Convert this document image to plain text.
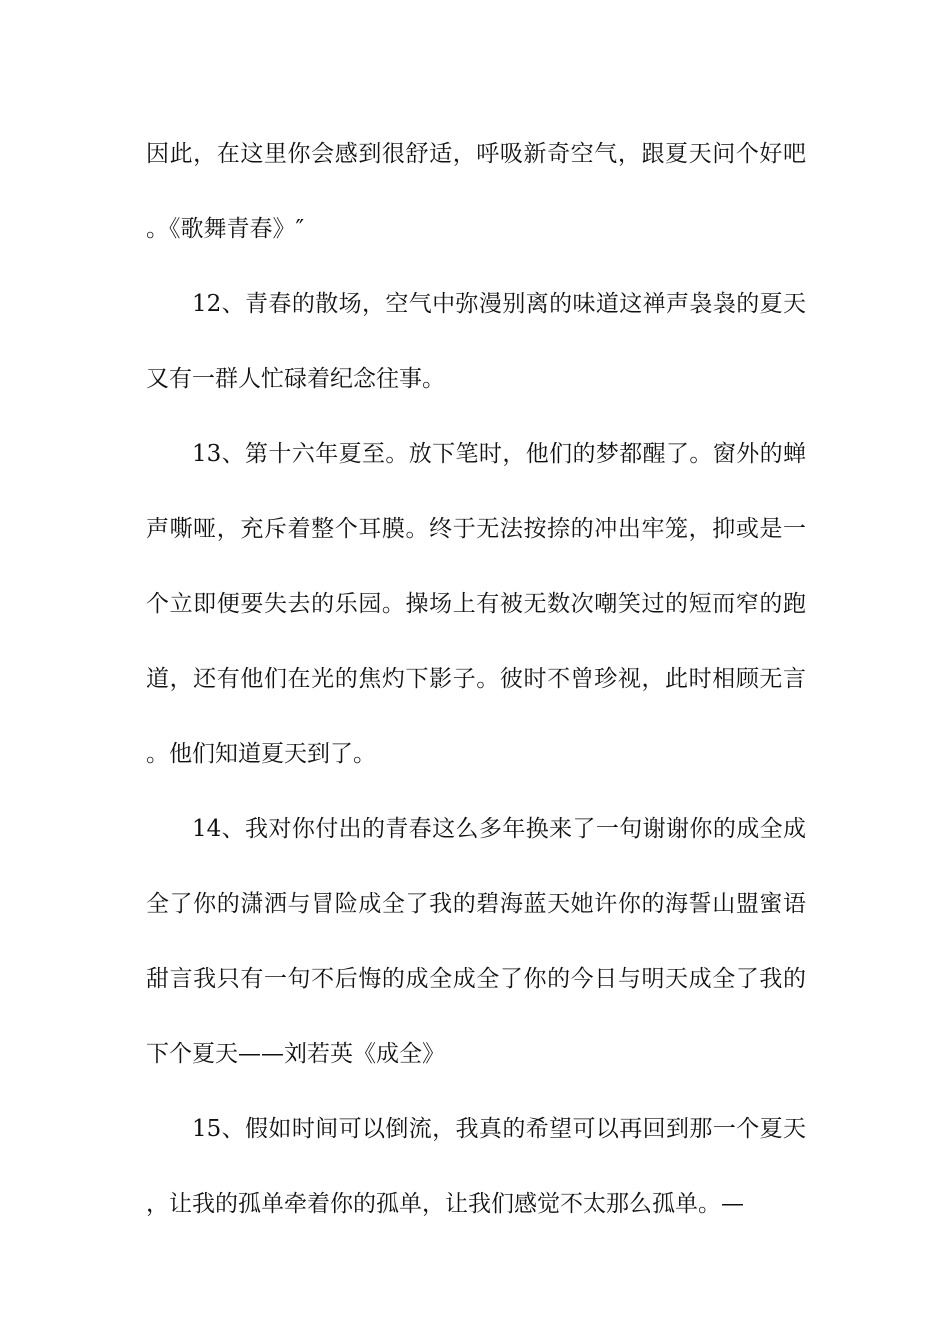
因此，在这里你会感到很舒适，呼吸新奇空气，跟夏天问个好吧。《歌舞青春》″

12、青春的散场，空气中弥漫别离的味道这禅声袅袅的夏天又有一群人忙碌着纪念往事。

13、第十六年夏至。放下笔时，他们的梦都醒了。窗外的蝉声嘶哑，充斥着整个耳膜。终于无法按捺的冲出牢笼，抑或是一个立即便要失去的乐园。操场上有被无数次嘲笑过的短而窄的跑道，还有他们在光的焦灼下影子。彼时不曾珍视，此时相顾无言。他们知道夏天到了。

14、我对你付出的青春这么多年换来了一句谢谢你的成全成全了你的潇洒与冒险成全了我的碧海蓝天她许你的海誓山盟蜜语甜言我只有一句不后悔的成全成全了你的今日与明天成全了我的下个夏天——刘若英《成全》

15、假如时间可以倒流，我真的希望可以再回到那一个夏天，让我的孤单牵着你的孤单，让我们感觉不太那么孤单。—
